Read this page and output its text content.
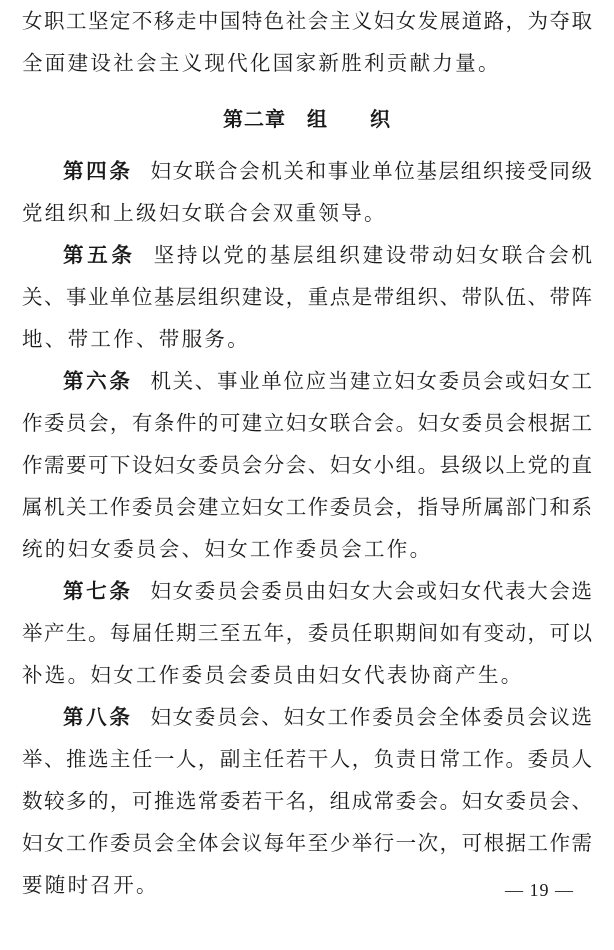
女职工坚定不移走中国特色社会主义妇女发展道路，为夺取
全面建设社会主义现代化国家新胜利贡献力量。
第二章　组　　织
第四条 妇女联合会机关和事业单位基层组织接受同级
党组织和上级妇女联合会双重领导。
第五条 坚持以党的基层组织建设带动妇女联合会机
关、事业单位基层组织建设，重点是带组织、带队伍、带阵
地、带工作、带服务。
第六条 机关、事业单位应当建立妇女委员会或妇女工
作委员会，有条件的可建立妇女联合会。妇女委员会根据工
作需要可下设妇女委员会分会、妇女小组。县级以上党的直
属机关工作委员会建立妇女工作委员会，指导所属部门和系
统的妇女委员会、妇女工作委员会工作。
第七条 妇女委员会委员由妇女大会或妇女代表大会选
举产生。每届任期三至五年，委员任职期间如有变动，可以
补选。妇女工作委员会委员由妇女代表协商产生。
第八条 妇女委员会、妇女工作委员会全体委员会议选
举、推选主任一人，副主任若干人，负责日常工作。委员人
数较多的，可推选常委若干名，组成常委会。妇女委员会、
妇女工作委员会全体会议每年至少举行一次，可根据工作需
要随时召开。	— 19 —
